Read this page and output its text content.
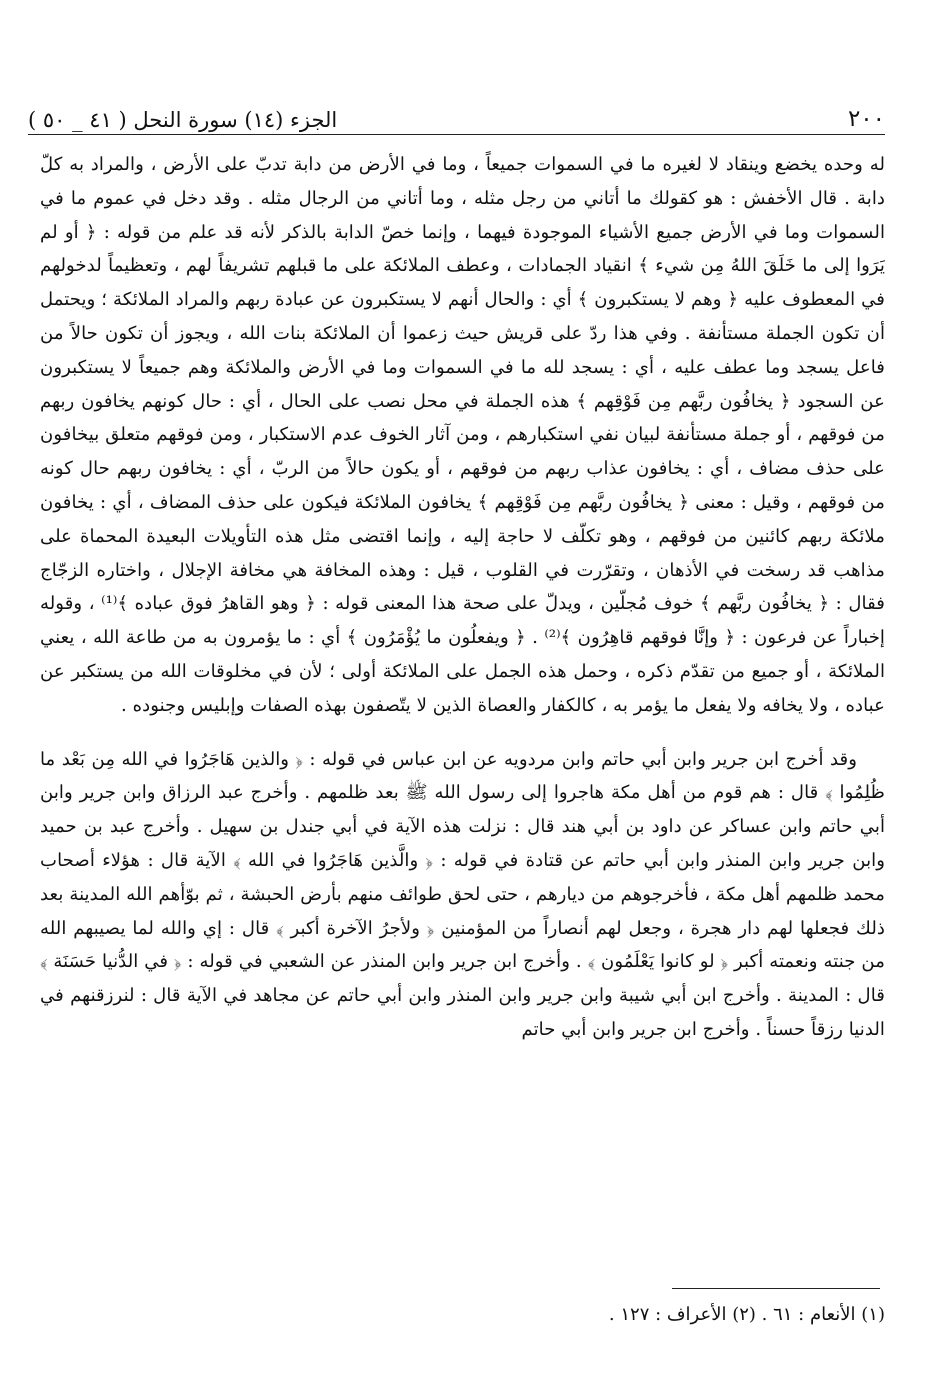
٢٠٠
الجزء (١٤) سورة النحل ( ٤١ _ ٥٠ )

له وحده يخضع وينقاد لا لغيره ما في السموات جميعاً ، وما في الأرض من دابة تدبّ على الأرض ، والمراد به كلّ دابة . قال الأخفش : هو كقولك ما أتاني من رجل مثله ، وما أتاني من الرجال مثله . وقد دخل في عموم ما في السموات وما في الأرض جميع الأشياء الموجودة فيهما ، وإنما خصّ الدابة بالذكر لأنه قد علم من قوله : ﴿ أو لم يَرَوا إلى ما خَلَقَ اللهُ مِن شيء ﴾ انقياد الجمادات ، وعطف الملائكة على ما قبلهم تشريفاً لهم ، وتعظيماً لدخولهم في المعطوف عليه ﴿ وهم لا يستكبرون ﴾ أي : والحال أنهم لا يستكبرون عن عبادة ربهم والمراد الملائكة ؛ ويحتمل أن تكون الجملة مستأنفة . وفي هذا ردّ على قريش حيث زعموا أن الملائكة بنات الله ، ويجوز أن تكون حالاً من فاعل يسجد وما عطف عليه ، أي : يسجد لله ما في السموات وما في الأرض والملائكة وهم جميعاً لا يستكبرون عن السجود ﴿ يخافُون ربَّهم مِن فَوْقِهم ﴾ هذه الجملة في محل نصب على الحال ، أي : حال كونهم يخافون ربهم من فوقهم ، أو جملة مستأنفة لبيان نفي استكبارهم ، ومن آثار الخوف عدم الاستكبار ، ومن فوقهم متعلق بيخافون على حذف مضاف ، أي : يخافون عذاب ربهم من فوقهم ، أو يكون حالاً من الربّ ، أي : يخافون ربهم حال كونه من فوقهم ، وقيل : معنى ﴿ يخافُون ربَّهم مِن فَوْقِهم ﴾ يخافون الملائكة فيكون على حذف المضاف ، أي : يخافون ملائكة ربهم كائنين من فوقهم ، وهو تكلّف لا حاجة إليه ، وإنما اقتضى مثل هذه التأويلات البعيدة المحماة على مذاهب قد رسخت في الأذهان ، وتقرّرت في القلوب ، قيل : وهذه المخافة هي مخافة الإجلال ، واختاره الزجّاج فقال : ﴿ يخافُون ربَّهم ﴾ خوف مُجلّين ، ويدلّ على صحة هذا المعنى قوله : ﴿ وهو القاهرُ فوق عباده ﴾⁽¹⁾ ، وقوله إخباراً عن فرعون : ﴿ وإنَّا فوقهم قاهِرُون ﴾⁽²⁾ . ﴿ ويفعلُون ما يُؤْمَرُون ﴾ أي : ما يؤمرون به من طاعة الله ، يعني الملائكة ، أو جميع من تقدّم ذكره ، وحمل هذه الجمل على الملائكة أولى ؛ لأن في مخلوقات الله من يستكبر عن عباده ، ولا يخافه ولا يفعل ما يؤمر به ، كالكفار والعصاة الذين لا يتّصفون بهذه الصفات وإبليس وجنوده .

وقد أخرج ابن جرير وابن أبي حاتم وابن مردويه عن ابن عباس في قوله : ﴿ والذين هَاجَرُوا في الله مِن بَعْد ما ظُلِمُوا ﴾ قال : هم قوم من أهل مكة هاجروا إلى رسول الله ﷺ بعد ظلمهم . وأخرج عبد الرزاق وابن جرير وابن أبي حاتم وابن عساكر عن داود بن أبي هند قال : نزلت هذه الآية في أبي جندل بن سهيل . وأخرج عبد بن حميد وابن جرير وابن المنذر وابن أبي حاتم عن قتادة في قوله : ﴿ والَّذين هَاجَرُوا في الله ﴾ الآية قال : هؤلاء أصحاب محمد ظلمهم أهل مكة ، فأخرجوهم من ديارهم ، حتى لحق طوائف منهم بأرض الحبشة ، ثم بوّأهم الله المدينة بعد ذلك فجعلها لهم دار هجرة ، وجعل لهم أنصاراً من المؤمنين ﴿ ولأجرُ الآخرة أكبر ﴾ قال : إي والله لما يصيبهم الله من جنته ونعمته أكبر ﴿ لو كانوا يَعْلَمُون ﴾ . وأخرج ابن جرير وابن المنذر عن الشعبي في قوله : ﴿ في الدُّنيا حَسَنَة ﴾ قال : المدينة . وأخرج ابن أبي شيبة وابن جرير وابن المنذر وابن أبي حاتم عن مجاهد في الآية قال : لنرزقنهم في الدنيا رزقاً حسناً . وأخرج ابن جرير وابن أبي حاتم

(١) الأنعام : ٦١ . (٢) الأعراف : ١٢٧ .
